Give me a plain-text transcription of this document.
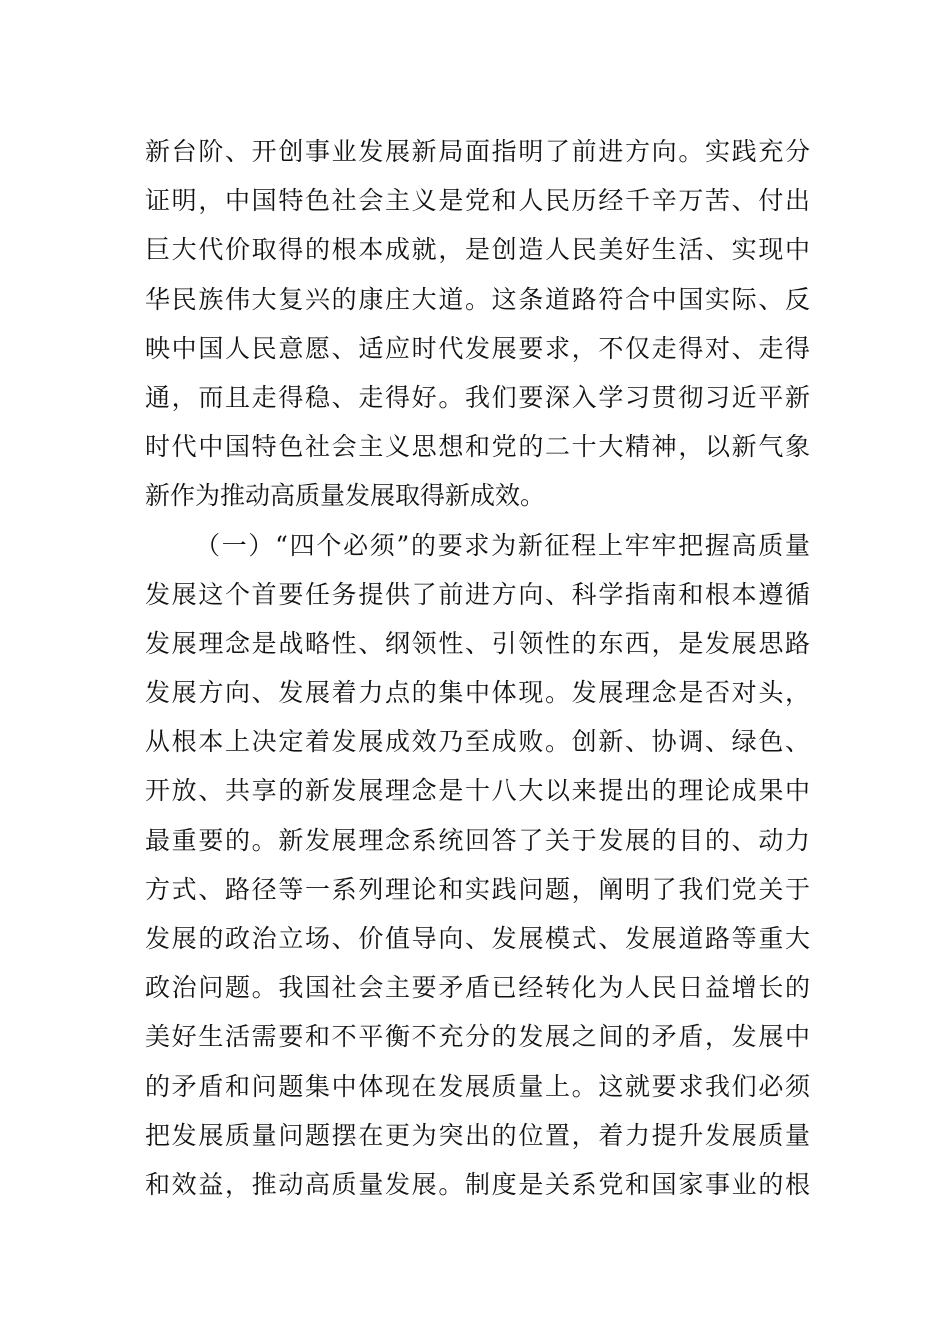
新台阶、开创事业发展新局面指明了前进方向。实践充分
证明，中国特色社会主义是党和人民历经千辛万苦、付出
巨大代价取得的根本成就，是创造人民美好生活、实现中
华民族伟大复兴的康庄大道。这条道路符合中国实际、反
映中国人民意愿、适应时代发展要求，不仅走得对、走得
通，而且走得稳、走得好。我们要深入学习贯彻习近平新
时代中国特色社会主义思想和党的二十大精神，以新气象
新作为推动高质量发展取得新成效。
（一）“四个必须”的要求为新征程上牢牢把握高质量
发展这个首要任务提供了前进方向、科学指南和根本遵循
发展理念是战略性、纲领性、引领性的东西，是发展思路
发展方向、发展着力点的集中体现。发展理念是否对头，
从根本上决定着发展成效乃至成败。创新、协调、绿色、
开放、共享的新发展理念是十八大以来提出的理论成果中
最重要的。新发展理念系统回答了关于发展的目的、动力
方式、路径等一系列理论和实践问题，阐明了我们党关于
发展的政治立场、价值导向、发展模式、发展道路等重大
政治问题。我国社会主要矛盾已经转化为人民日益增长的
美好生活需要和不平衡不充分的发展之间的矛盾，发展中
的矛盾和问题集中体现在发展质量上。这就要求我们必须
把发展质量问题摆在更为突出的位置，着力提升发展质量
和效益，推动高质量发展。制度是关系党和国家事业的根
